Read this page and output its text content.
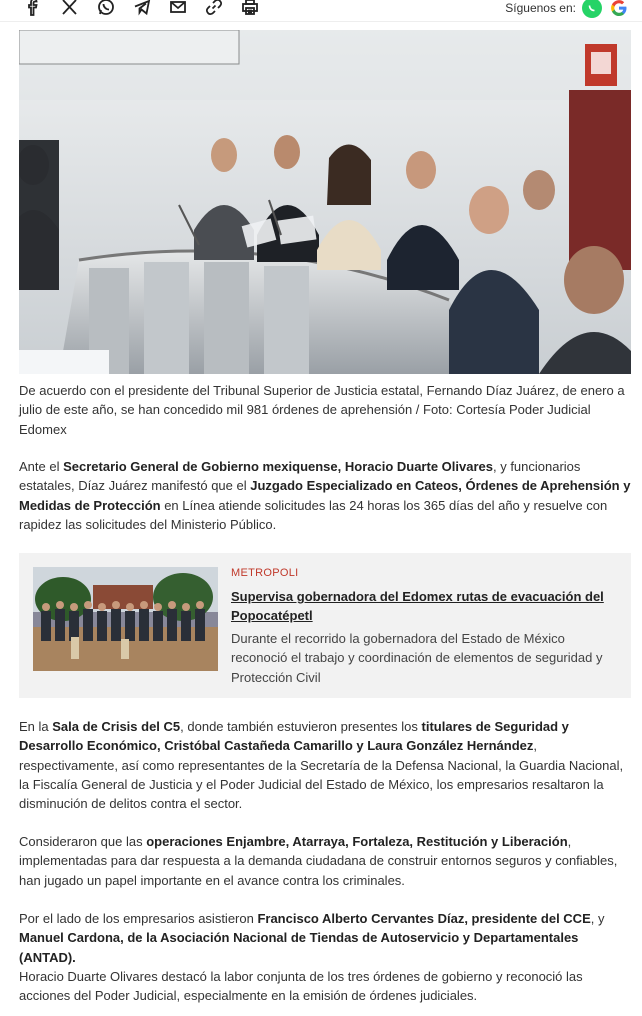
Síguenos en:

De acuerdo con el presidente del Tribunal Superior de Justicia estatal, Fernando Díaz Juárez, de enero a julio de este año, se han concedido mil 981 órdenes de aprehensión / Foto: Cortesía Poder Judicial Edomex

Ante el Secretario General de Gobierno mexiquense, Horacio Duarte Olivares, y funcionarios estatales, Díaz Juárez manifestó que el Juzgado Especializado en Cateos, Órdenes de Aprehensión y Medidas de Protección en Línea atiende solicitudes las 24 horas los 365 días del año y resuelve con rapidez las solicitudes del Ministerio Público.

METROPOLI
Supervisa gobernadora del Edomex rutas de evacuación del Popocatépetl

Durante el recorrido la gobernadora del Estado de México reconoció el trabajo y coordinación de elementos de seguridad y Protección Civil

En la Sala de Crisis del C5, donde también estuvieron presentes los titulares de Seguridad y Desarrollo Económico, Cristóbal Castañeda Camarillo y Laura González Hernández, respectivamente, así como representantes de la Secretaría de la Defensa Nacional, la Guardia Nacional, la Fiscalía General de Justicia y el Poder Judicial del Estado de México, los empresarios resaltaron la disminución de delitos contra el sector.

Consideraron que las operaciones Enjambre, Atarraya, Fortaleza, Restitución y Liberación, implementadas para dar respuesta a la demanda ciudadana de construir entornos seguros y confiables, han jugado un papel importante en el avance contra los criminales.

Por el lado de los empresarios asistieron Francisco Alberto Cervantes Díaz, presidente del CCE, y Manuel Cardona, de la Asociación Nacional de Tiendas de Autoservicio y Departamentales (ANTAD).

Horacio Duarte Olivares destacó la labor conjunta de los tres órdenes de gobierno y reconoció las acciones del Poder Judicial, especialmente en la emisión de órdenes judiciales.
